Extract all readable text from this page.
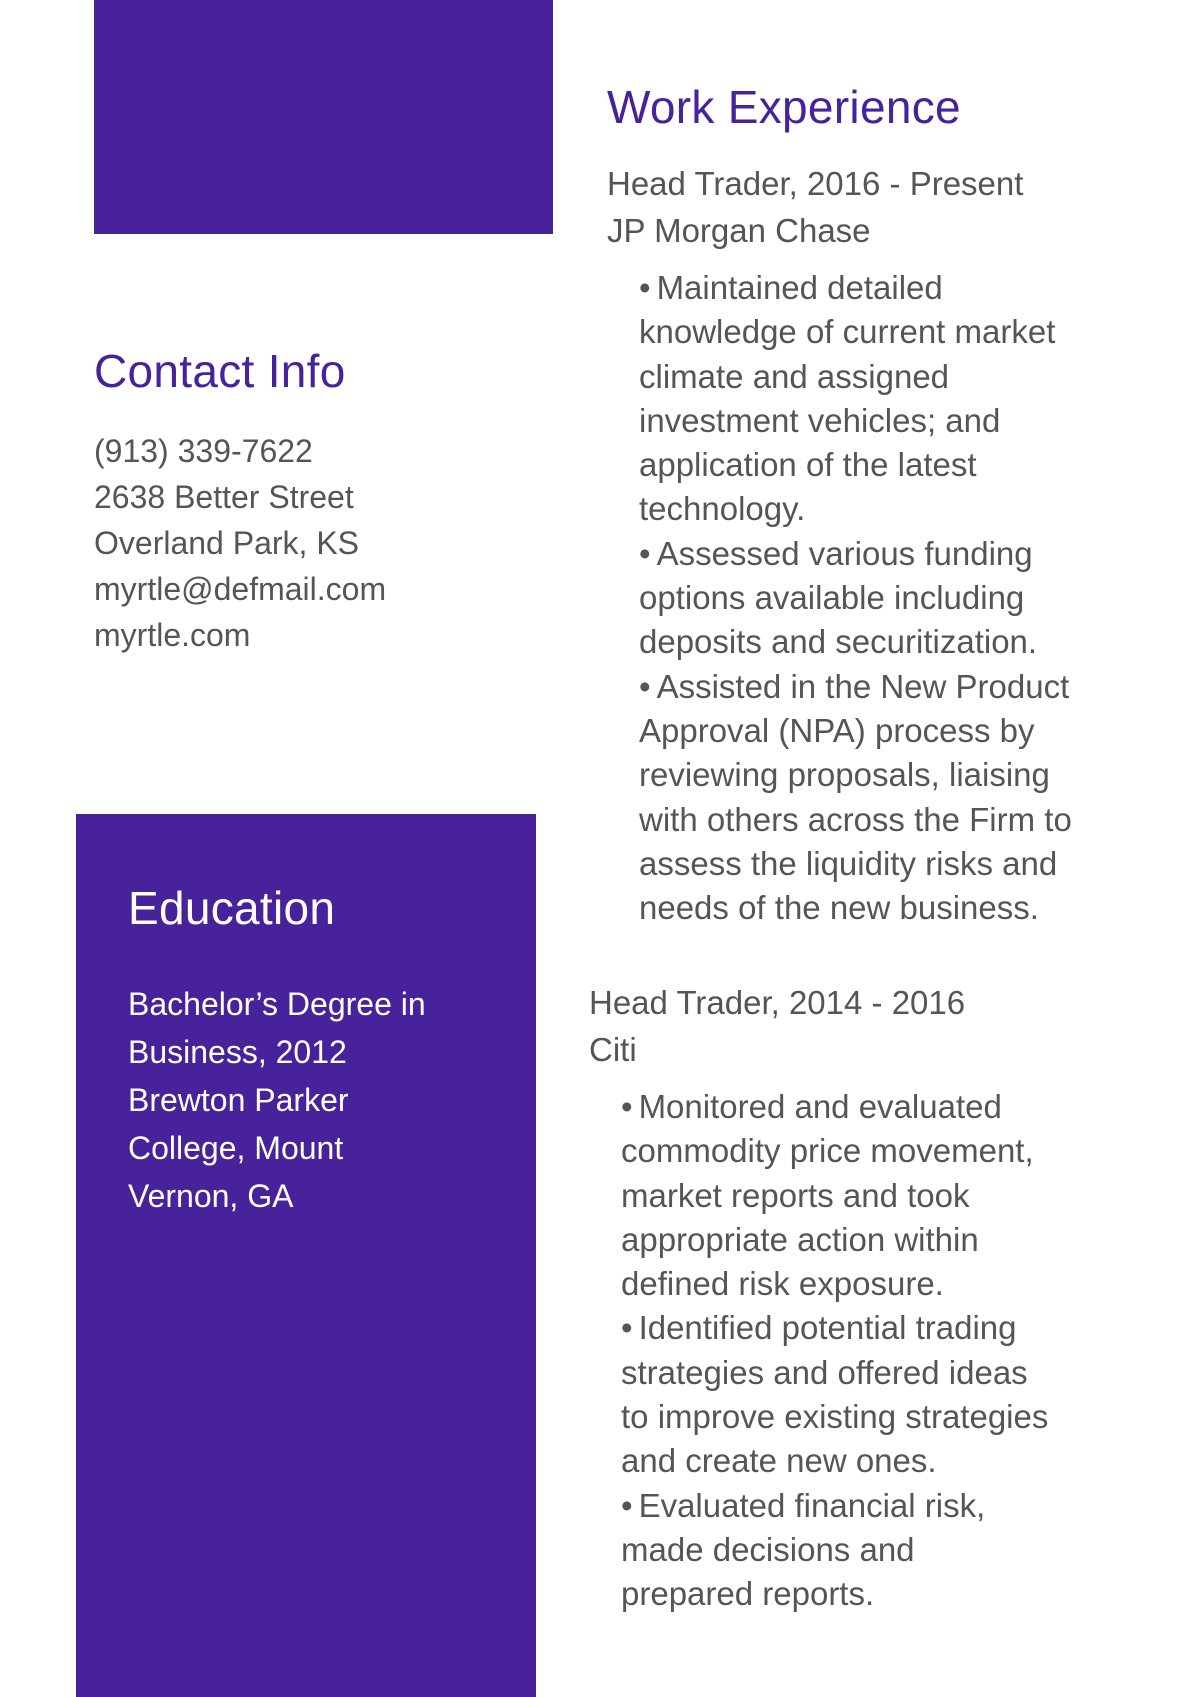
Work Experience
Head Trader, 2016 - Present
JP Morgan Chase
• Maintained detailed
knowledge of current market
climate and assigned
investment vehicles; and
application of the latest
technology.
• Assessed various funding
options available including
deposits and securitization.
• Assisted in the New Product
Approval (NPA) process by
reviewing proposals, liaising
with others across the Firm to
assess the liquidity risks and
needs of the new business.
Head Trader, 2014 - 2016
Citi
• Monitored and evaluated
commodity price movement,
market reports and took
appropriate action within
defined risk exposure.
• Identified potential trading
strategies and offered ideas
to improve existing strategies
and create new ones.
• Evaluated financial risk,
made decisions and
prepared reports.
Contact Info
(913) 339-7622
2638 Better Street
Overland Park, KS
myrtle@defmail.com
myrtle.com
Education
Bachelor’s Degree in
Business, 2012
Brewton Parker
College, Mount
Vernon, GA
